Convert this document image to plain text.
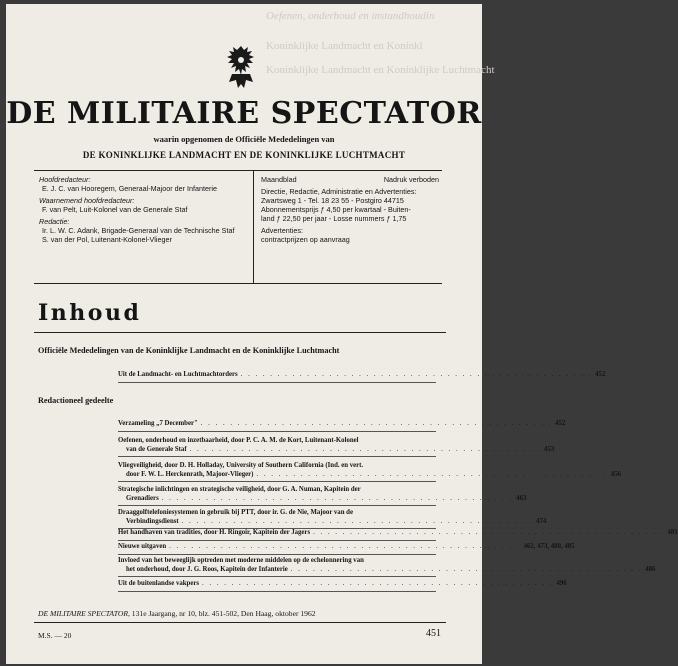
Oefenen, onderhoud en instandhoudin
Koninklijke Landmacht en Koninkl
Koninklijke Landmacht en Koninklijke Luchtmacht
DE MILITAIRE SPECTATOR
waarin opgenomen de Officiële Mededelingen van
DE KONINKLIJKE LANDMACHT EN DE KONINKLIJKE LUCHTMACHT
Hoofdredacteur:
E. J. C. van Hooregem, Generaal-Majoor der Infanterie
Waarnemend hoofdredacteur:
F. van Pelt, Luit-Kolonel van de Generale Staf
Redactie:
Ir. L. W. C. Adank, Brigade-Generaal van de Technische Staf
S. van der Pol, Luitenant-Kolonel-Vlieger
Maandblad	Nadruk verboden
Directie, Redactie, Administratie en Advertenties:
Zwartsweg 1 - Tel. 18 23 55 - Postgiro 44715
Abonnementsprijs ƒ 4,50 per kwartaal - Buiten-
land ƒ 22,50 per jaar - Losse nummers ƒ 1,75
Advertenties:
contractprijzen op aanvraag
Inhoud
Officiële Mededelingen van de Koninklijke Landmacht en de Koninklijke Luchtmacht
Redactioneel gedeelte
DE MILITAIRE SPECTATOR, 131e Jaargang, nr 10, blz. 451-502, Den Haag, oktober 1962
M.S. — 20	451
Uit de Landmacht- en Luchtmachtorders . . . . . . . . . . . . . . . . . . . . . . . . . . . . . . . . . . . . . . . . . . . . . . . . 452
Verzameling „7 December" . . . . . . . . . . . . . . . . . . . . . . . . . . . . . . . . . . . . . . . . . . . . . . . . 452
Oefenen, onderhoud en inzetbaarheid, door P. C. A. M. de Kort, Luitenant-Kolonel
van de Generale Staf . . . . . . . . . . . . . . . . . . . . . . . . . . . . . . . . . . . . . . . . . . . . . . . . 453
Vliegveiligheid, door D. H. Holladay, University of Southern California (Ind. en vert.
door F. W. L. Herckenrath, Majoor-Vlieger) . . . . . . . . . . . . . . . . . . . . . . . . . . . . . . . . . . . . . . . . . . . . . . . . 456
Strategische inlichtingen en strategische veiligheid, door G. A. Numan, Kapitein der
Grenadiers . . . . . . . . . . . . . . . . . . . . . . . . . . . . . . . . . . . . . . . . . . . . . . . . 463
Draaggolftelefoniesystemen in gebruik bij PTT, door ir. G. de Nie, Majoor van de
Verbindingsdienst . . . . . . . . . . . . . . . . . . . . . . . . . . . . . . . . . . . . . . . . . . . . . . . . 474
Het handhaven van tradities, door H. Ringoir, Kapitein der Jagers . . . . . . . . . . . . . . . . . . . . . . . . . . . . . . . . . . . . . . . . . . . . . . . . 481
Nieuwe uitgaven . . . . . . . . . . . . . . . . . . . . . . . . . . . . . . . . . . . . . . . . . . . . . . . . 462, 473, 480, 485
Invloed van het beweeglijk optreden met moderne middelen op de echelonnering van
het onderhoud, door J. G. Roos, Kapitein der Infanterie . . . . . . . . . . . . . . . . . . . . . . . . . . . . . . . . . . . . . . . . . . . . . . . . 486
Uit de buitenlandse vakpers . . . . . . . . . . . . . . . . . . . . . . . . . . . . . . . . . . . . . . . . . . . . . . . . 496
